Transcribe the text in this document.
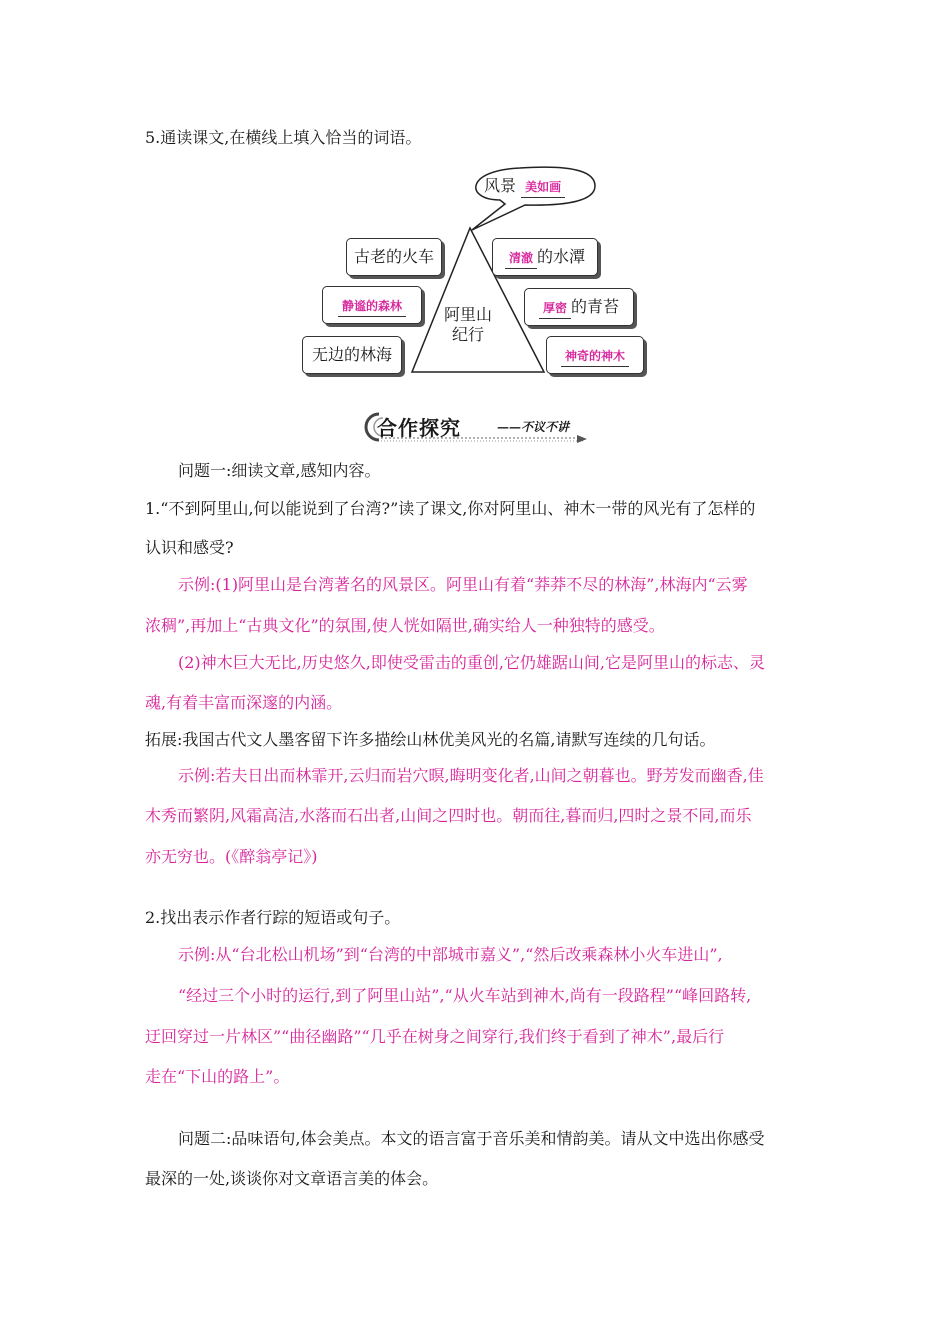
5.通读课文,在横线上填入恰当的词语。
风景 美如画
阿里山
纪行
古老的火车
静谧的森林
无边的林海
清澈 的水潭
厚密 的青苔
神奇的神木
合作探究	——不议不讲
问题一:细读文章,感知内容。
1.“不到阿里山,何以能说到了台湾?”读了课文,你对阿里山、神木一带的风光有了怎样的
认识和感受?
示例:(1)阿里山是台湾著名的风景区。阿里山有着“莽莽不尽的林海”,林海内“云雾
浓稠”,再加上“古典文化”的氛围,使人恍如隔世,确实给人一种独特的感受。
(2)神木巨大无比,历史悠久,即使受雷击的重创,它仍雄踞山间,它是阿里山的标志、灵
魂,有着丰富而深邃的内涵。
拓展:我国古代文人墨客留下许多描绘山林优美风光的名篇,请默写连续的几句话。
示例:若夫日出而林霏开,云归而岩穴暝,晦明变化者,山间之朝暮也。野芳发而幽香,佳
木秀而繁阴,风霜高洁,水落而石出者,山间之四时也。朝而往,暮而归,四时之景不同,而乐
亦无穷也。(《醉翁亭记》)
2.找出表示作者行踪的短语或句子。
示例:从“台北松山机场”到“台湾的中部城市嘉义”,“然后改乘森林小火车进山”,
“经过三个小时的运行,到了阿里山站”,“从火车站到神木,尚有一段路程”“峰回路转,
迂回穿过一片林区”“曲径幽路”“几乎在树身之间穿行,我们终于看到了神木”,最后行
走在“下山的路上”。
问题二:品味语句,体会美点。本文的语言富于音乐美和情韵美。请从文中选出你感受
最深的一处,谈谈你对文章语言美的体会。
